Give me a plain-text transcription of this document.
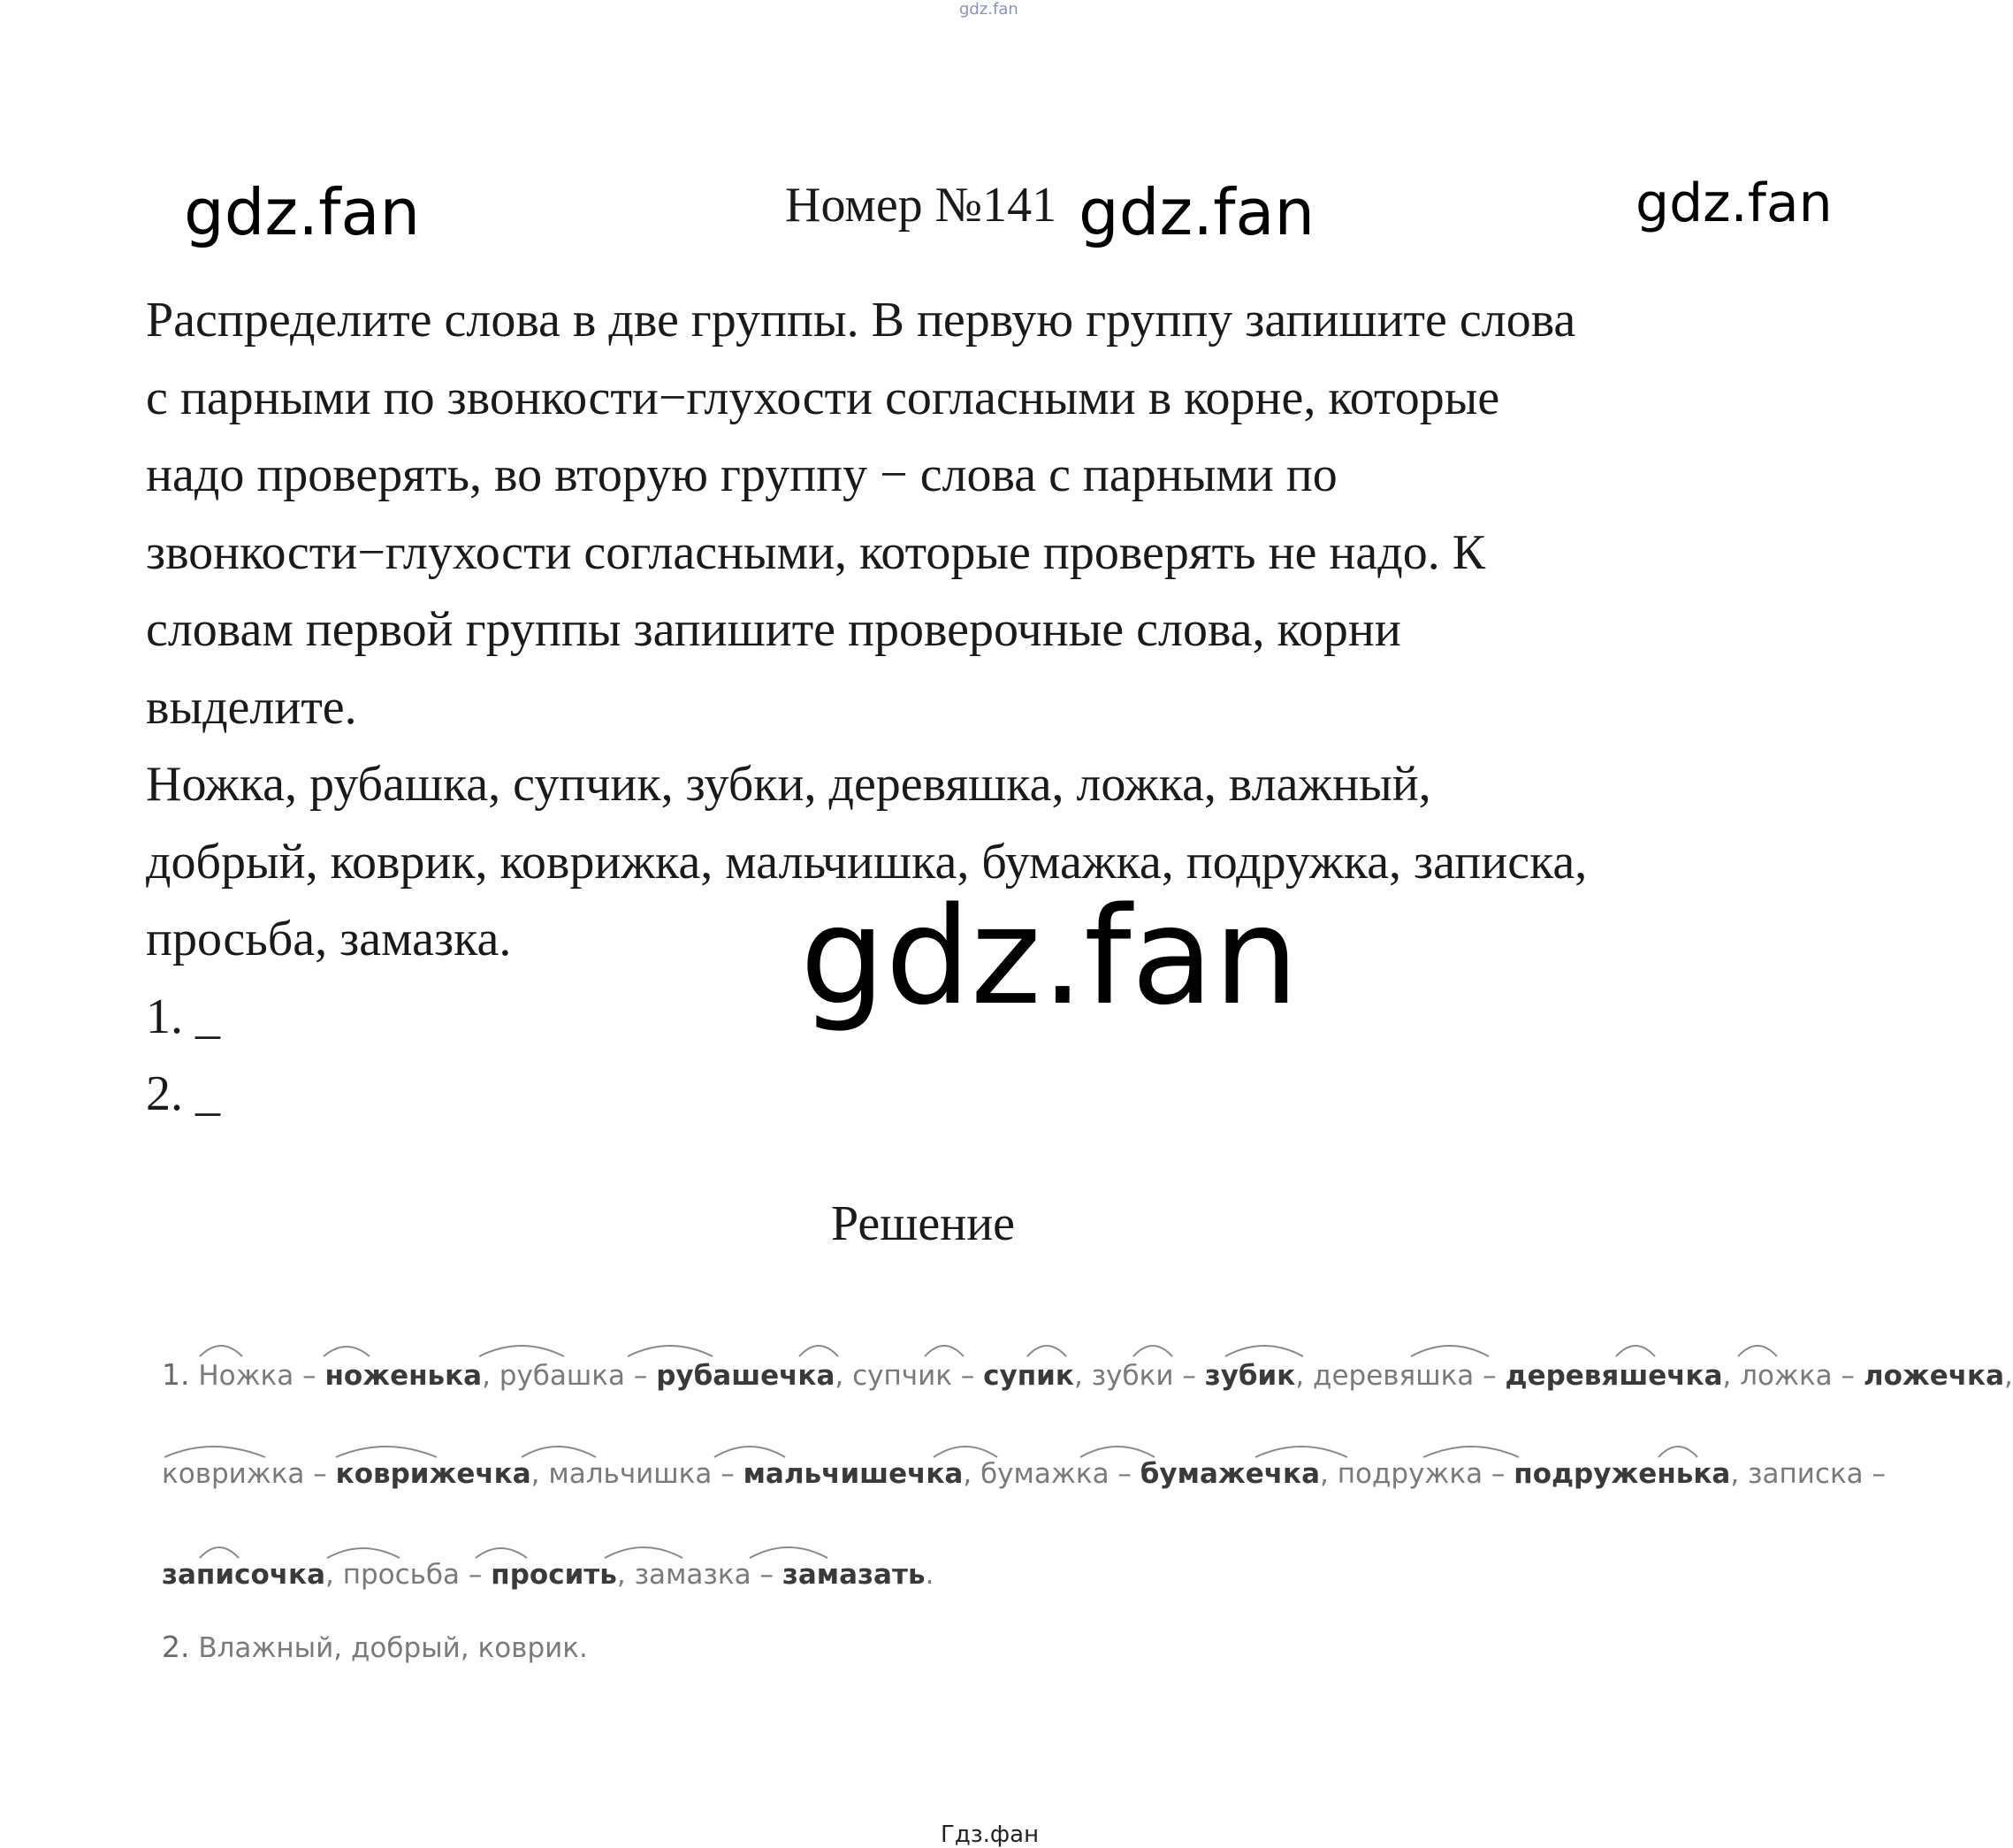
gdz.fan
gdz.fan	Номер №141 gdz.fan	gdz.fan
Распределите слова в две группы. В первую группу запишите слова
с парными по звонкости−глухости согласными в корне, которые
надо проверять, во вторую группу − слова с парными по
звонкости−глухости согласными, которые проверять не надо. К
словам первой группы запишите проверочные слова, корни
выделите.
Ножка, рубашка, супчик, зубки, деревяшка, ложка, влажный,
добрый, коврик, коврижка, мальчишка, бумажка, подружка, записка,
просьба, замазка.
1. _
2. _
gdz.fan
Решение
1. Ножка – ноженька, рубашка – рубашечка, супчик – супик, зубки – зубик, деревяшка – деревяшечка, ложка – ложечка,
коврижка – коврижечка, мальчишка – мальчишечка, бумажка – бумажечка, подружка – подруженька, записка –
записочка, просьба – просить, замазка – замазать.
2. Влажный, добрый, коврик.
Гдз.фан
